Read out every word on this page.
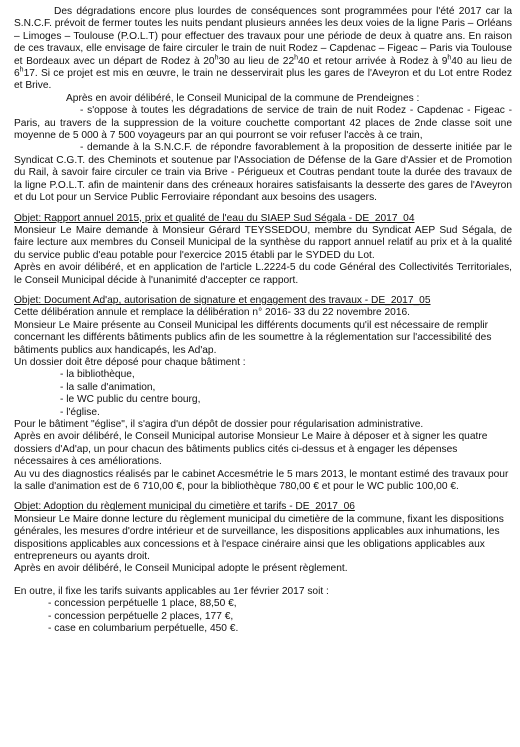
Des dégradations encore plus lourdes de conséquences sont programmées pour l'été 2017 car la S.N.C.F. prévoit de fermer toutes les nuits pendant plusieurs années les deux voies de la ligne Paris – Orléans – Limoges – Toulouse (P.O.L.T) pour effectuer des travaux pour une période de deux à quatre ans. En raison de ces travaux, elle envisage de faire circuler le train de nuit Rodez – Capdenac – Figeac – Paris via Toulouse et Bordeaux avec un départ de Rodez à 20$^h$30 au lieu de 22$^h$40 et retour arrivée à Rodez à 9$^h$40 au lieu de 6$^h$17. Si ce projet est mis en œuvre, le train ne desservirait plus les gares de l'Aveyron et du Lot entre Rodez et Brive.

Après en avoir délibéré, le Conseil Municipal de la commune de Prendeignes :

- s'oppose à toutes les dégradations de service de train de nuit Rodez - Capdenac - Figeac - Paris, au travers de la suppression de la voiture couchette comportant 42 places de 2nde classe soit une moyenne de 5 000 à 7 500 voyageurs par an qui pourront se voir refuser l'accès à ce train,

- demande à la S.N.C.F. de répondre favorablement à la proposition de desserte initiée par le Syndicat C.G.T. des Cheminots et soutenue par l'Association de Défense de la Gare d'Assier et de Promotion du Rail, à savoir faire circuler ce train via Brive - Périgueux et Coutras pendant toute la durée des travaux de la ligne P.O.L.T. afin de maintenir dans des créneaux horaires satisfaisants la desserte des gares de l'Aveyron et du Lot pour un Service Public Ferroviaire répondant aux besoins des usagers.

Objet: Rapport annuel 2015, prix et qualité de l'eau du SIAEP Sud Ségala - DE_2017_04

Monsieur Le Maire demande à Monsieur Gérard TEYSSEDOU, membre du Syndicat AEP Sud Ségala, de faire lecture aux membres du Conseil Municipal de la synthèse du rapport annuel relatif au prix et à la qualité du service public d'eau potable pour l'exercice 2015 établi par le SYDED du Lot.

Après en avoir délibéré, et en application de l'article L.2224-5 du code Général des Collectivités Territoriales, le Conseil Municipal décide à l'unanimité d'accepter ce rapport.

Objet: Document Ad'ap, autorisation de signature et engagement des travaux - DE_2017_05

Cette délibération annule et remplace la délibération n° 2016- 33 du 22 novembre 2016.

Monsieur Le Maire présente au Conseil Municipal les différents documents qu'il est nécessaire de remplir concernant les différents bâtiments publics afin de les soumettre à la réglementation sur l'accessibilité des bâtiments publics aux handicapés, les Ad'ap.

Un dossier doit être déposé pour chaque bâtiment :

- la bibliothèque,
- la salle d'animation,
- le WC public du centre bourg,
- l'église.

Pour le bâtiment "église", il s'agira d'un dépôt de dossier pour régularisation administrative.

Après en avoir délibéré, le Conseil Municipal autorise Monsieur Le Maire à déposer et à signer les quatre dossiers d'Ad'ap, un pour chacun des bâtiments publics cités ci-dessus et à engager les dépenses nécessaires à ces améliorations.

Au vu des diagnostics réalisés par le cabinet Accesmétrie le 5 mars 2013, le montant estimé des travaux pour la salle d'animation est de 6 710,00 €, pour la bibliothèque 780,00 € et pour le WC public 100,00 €.

Objet: Adoption du règlement municipal du cimetière et tarifs - DE_2017_06

Monsieur Le Maire donne lecture du règlement municipal du cimetière de la commune, fixant les dispositions générales, les mesures d'ordre intérieur et de surveillance, les dispositions applicables aux inhumations, les dispositions applicables aux concessions et à l'espace cinéraire ainsi que les obligations applicables aux entrepreneurs ou ayants droit.

Après en avoir délibéré, le Conseil Municipal adopte le présent règlement.

En outre, il fixe les tarifs suivants applicables au 1er février 2017 soit :

- concession perpétuelle 1 place, 88,50 €,
- concession perpétuelle 2 places, 177 €,
- case en columbarium perpétuelle, 450 €.
